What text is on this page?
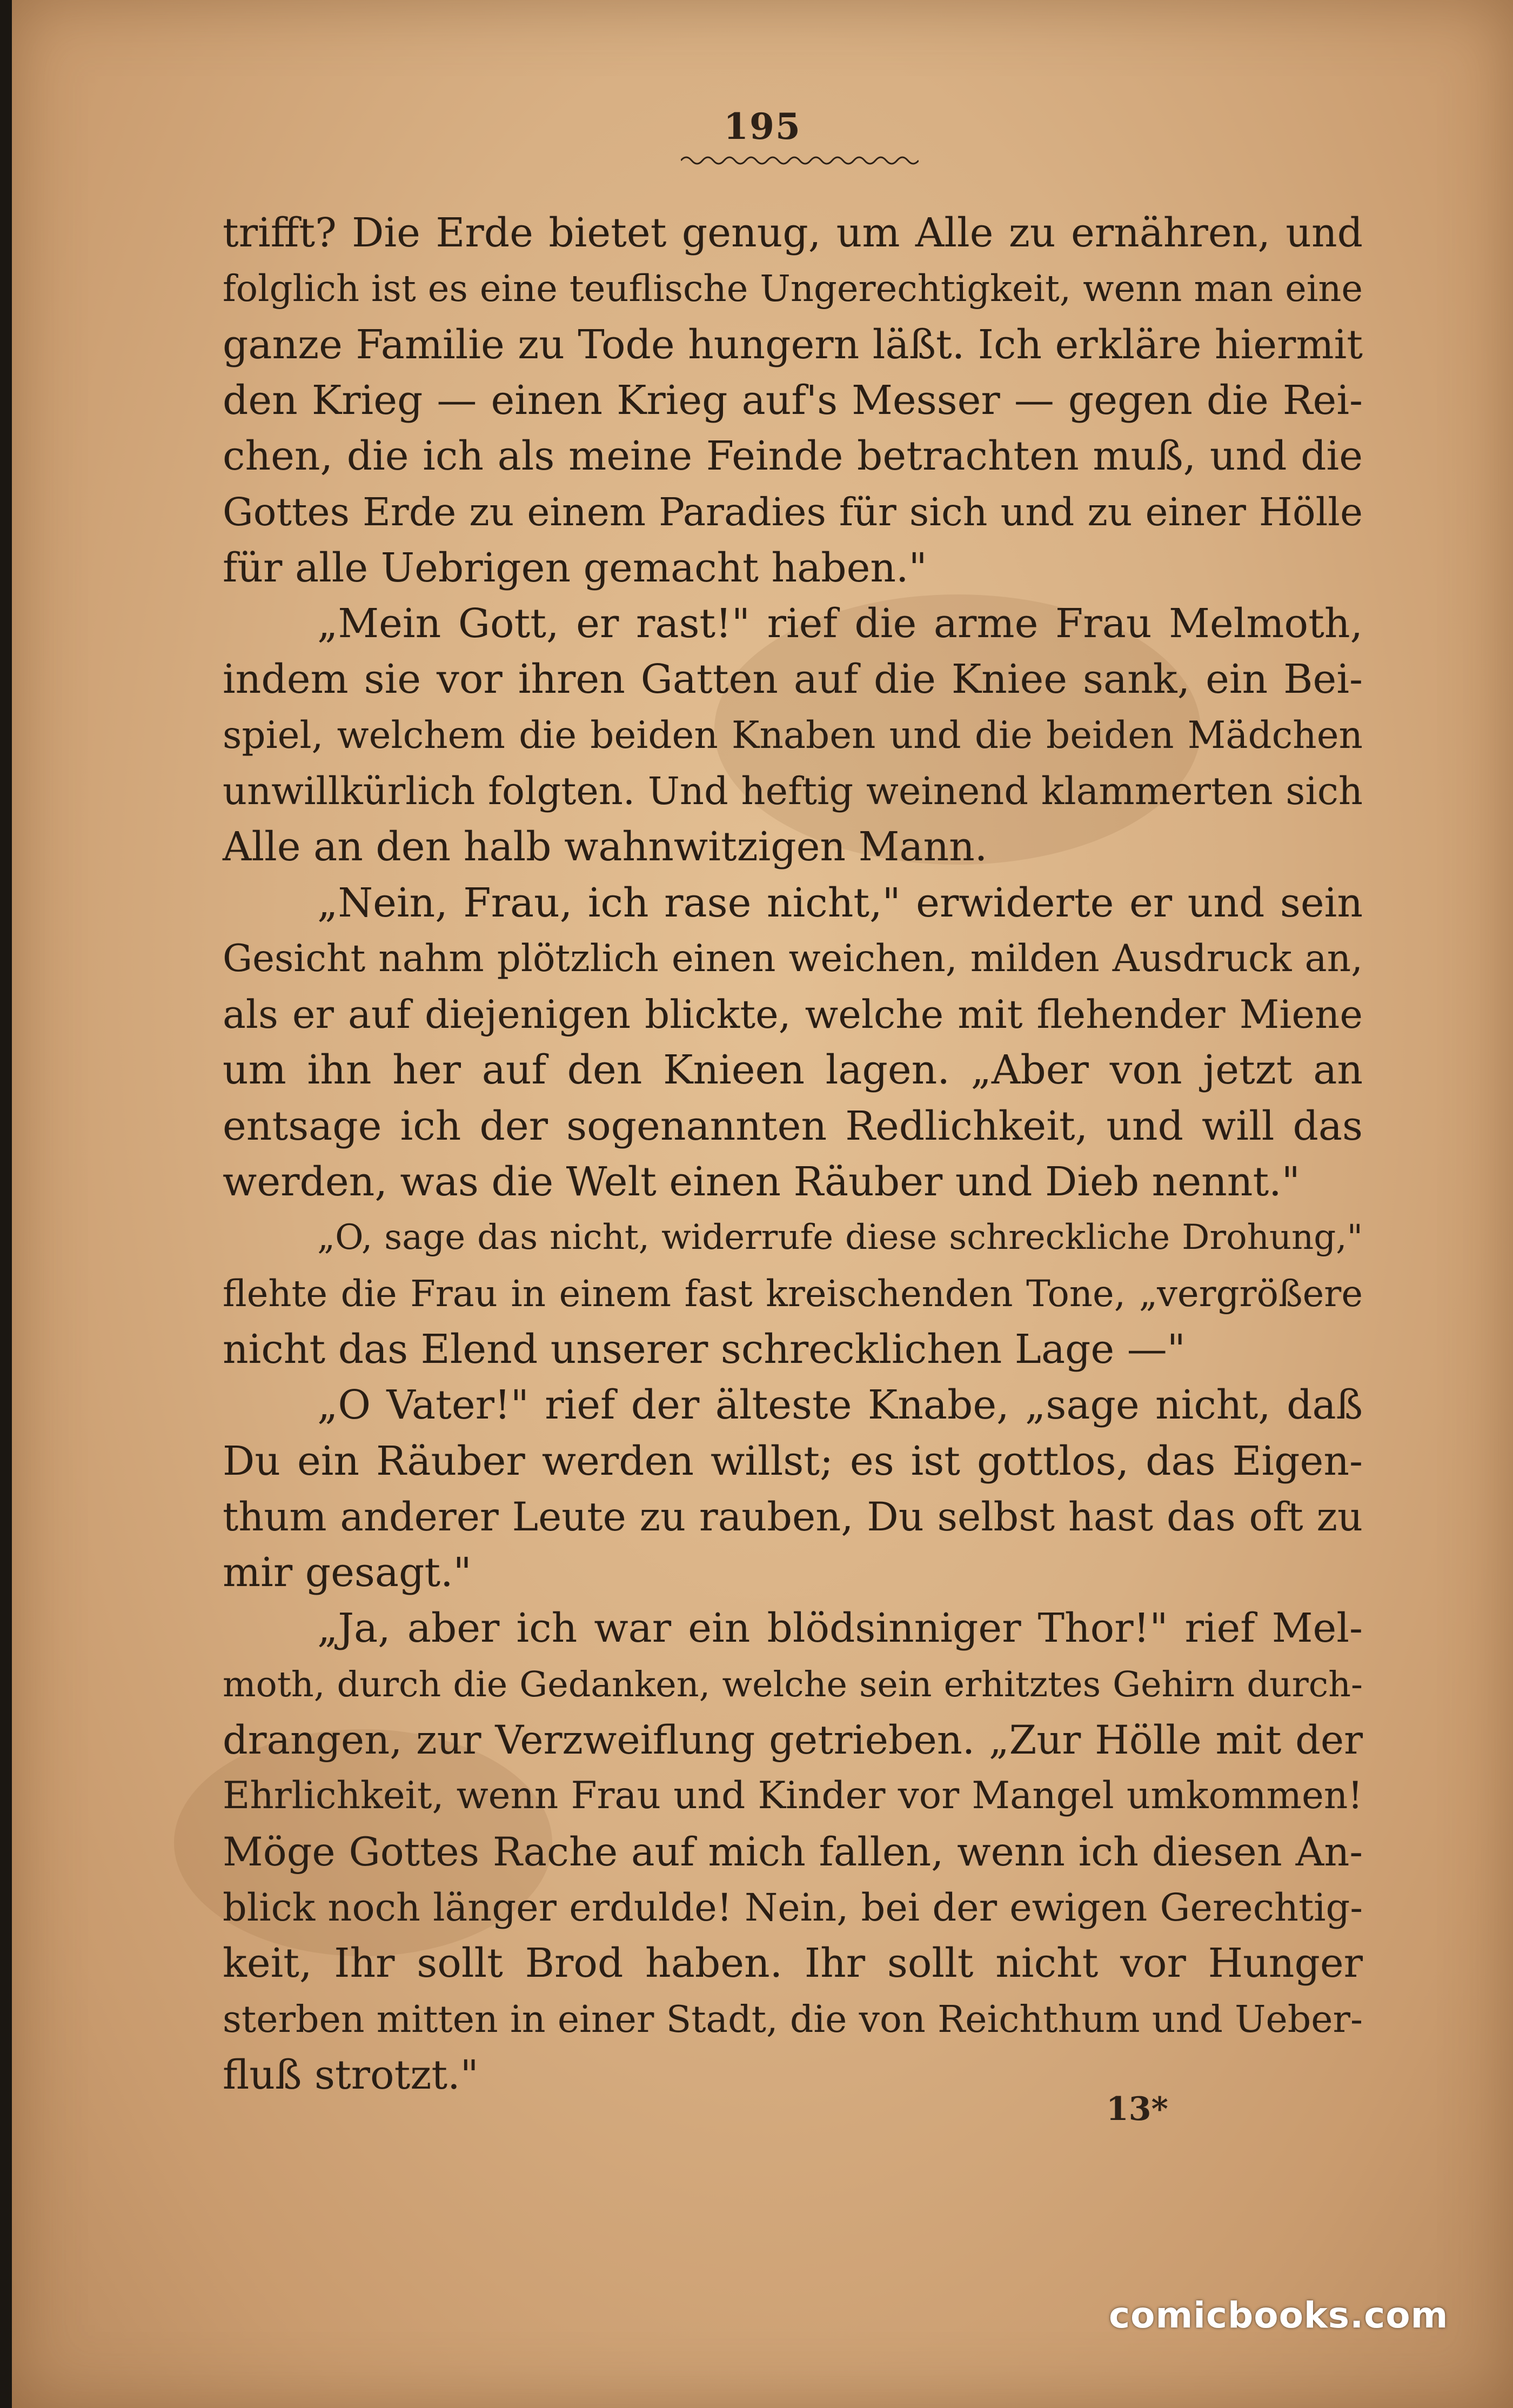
195
trifft? Die Erde bietet genug, um Alle zu ernähren, und
folglich ist es eine teuflische Ungerechtigkeit, wenn man eine
ganze Familie zu Tode hungern läßt. Ich erkläre hiermit
den Krieg — einen Krieg auf's Messer — gegen die Rei-
chen, die ich als meine Feinde betrachten muß, und die
Gottes Erde zu einem Paradies für sich und zu einer Hölle
für alle Uebrigen gemacht haben."
„Mein Gott, er rast!" rief die arme Frau Melmoth,
indem sie vor ihren Gatten auf die Kniee sank, ein Bei-
spiel, welchem die beiden Knaben und die beiden Mädchen
unwillkürlich folgten. Und heftig weinend klammerten sich
Alle an den halb wahnwitzigen Mann.
„Nein, Frau, ich rase nicht," erwiderte er und sein
Gesicht nahm plötzlich einen weichen, milden Ausdruck an,
als er auf diejenigen blickte, welche mit flehender Miene
um ihn her auf den Knieen lagen. „Aber von jetzt an
entsage ich der sogenannten Redlichkeit, und will das
werden, was die Welt einen Räuber und Dieb nennt."
„O, sage das nicht, widerrufe diese schreckliche Drohung,"
flehte die Frau in einem fast kreischenden Tone, „vergrößere
nicht das Elend unserer schrecklichen Lage —"
„O Vater!" rief der älteste Knabe, „sage nicht, daß
Du ein Räuber werden willst; es ist gottlos, das Eigen-
thum anderer Leute zu rauben, Du selbst hast das oft zu
mir gesagt."
„Ja, aber ich war ein blödsinniger Thor!" rief Mel-
moth, durch die Gedanken, welche sein erhitztes Gehirn durch-
drangen, zur Verzweiflung getrieben. „Zur Hölle mit der
Ehrlichkeit, wenn Frau und Kinder vor Mangel umkommen!
Möge Gottes Rache auf mich fallen, wenn ich diesen An-
blick noch länger erdulde! Nein, bei der ewigen Gerechtig-
keit, Ihr sollt Brod haben. Ihr sollt nicht vor Hunger
sterben mitten in einer Stadt, die von Reichthum und Ueber-
fluß strotzt."
13*
comicbooks.com
